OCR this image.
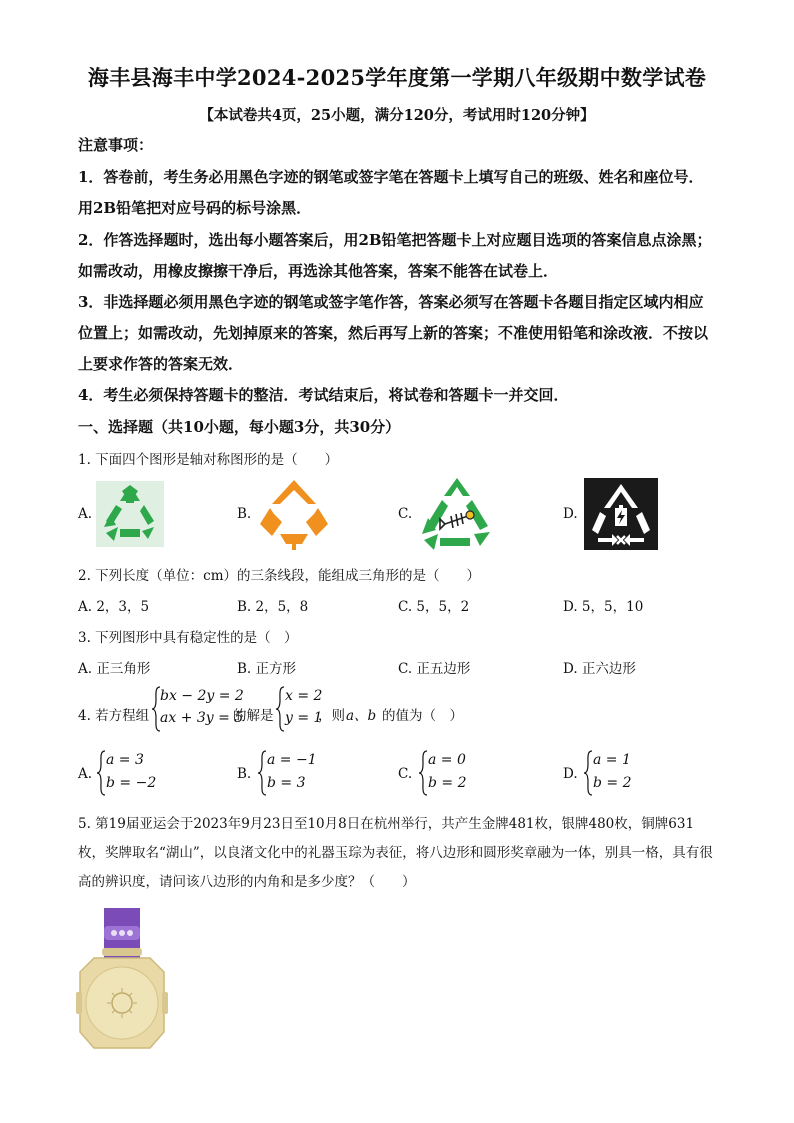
海丰县海丰中学2024-2025学年度第一学期八年级期中数学试卷
【本试卷共4页，25小题，满分120分，考试用时120分钟】
注意事项：
1．答卷前，考生务必用黑色字迹的钢笔或签字笔在答题卡上填写自己的班级、姓名和座位号．用2B铅笔把对应号码的标号涂黑．
2．作答选择题时，选出每小题答案后，用2B铅笔把答题卡上对应题目选项的答案信息点涂黑；如需改动，用橡皮擦擦干净后，再选涂其他答案，答案不能答在试卷上．
3．非选择题必须用黑色字迹的钢笔或签字笔作答，答案必须写在答题卡各题目指定区域内相应位置上；如需改动，先划掉原来的答案，然后再写上新的答案；不准使用铅笔和涂改液．不按以上要求作答的答案无效．
4．考生必须保持答题卡的整洁．考试结束后，将试卷和答题卡一并交回．
一、选择题（共10小题，每小题3分，共30分）
1. 下面四个图形是轴对称图形的是（　　）
A.	B.	C.	D.
2. 下列长度（单位：cm）的三条线段，能组成三角形的是（　　）
A. 2，3，5	B. 2，5，8	C. 5，5，2	D. 5，5，10
3. 下列图形中具有稳定性的是（　）
A. 正三角形	B. 正方形	C. 正五边形	D. 正六边形
4. 若方程组
bx − 2y = 2
ax + 3y = 5
的解是
x = 2
y = 1
，则 a、b 的值为（　）
A.
a = 3
b = −2
B.
a = −1
b = 3
C.
a = 0
b = 2
D.
a = 1
b = 2
5. 第19届亚运会于2023年9月23日至10月8日在杭州举行，共产生金牌481枚，银牌480枚，铜牌631枚，奖牌取名“湖山”，以良渚文化中的礼器玉琮为表征，将八边形和圆形奖章融为一体，别具一格，具有很高的辨识度，请问该八边形的内角和是多少度？（　　）
